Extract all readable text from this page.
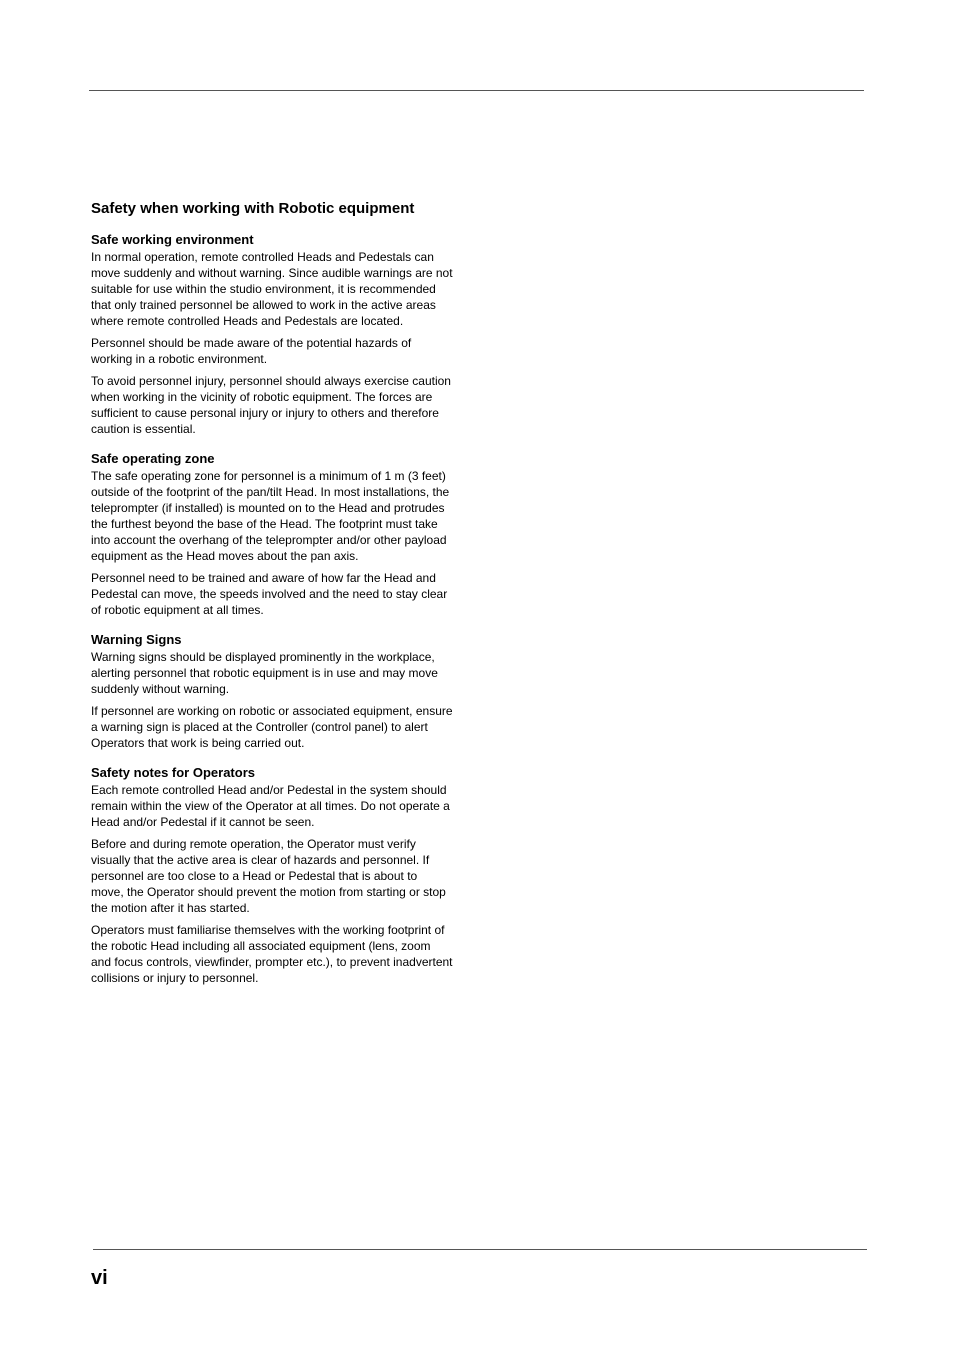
Safety when working with Robotic equipment
Safe working environment

In normal operation, remote controlled Heads and Pedestals can move suddenly and without warning. Since audible warnings are not suitable for use within the studio environment, it is recommended that only trained personnel be allowed to work in the active areas where remote controlled Heads and Pedestals are located.

Personnel should be made aware of the potential hazards of working in a robotic environment.

To avoid personnel injury, personnel should always exercise caution when working in the vicinity of robotic equipment. The forces are sufficient to cause personal injury or injury to others and therefore caution is essential.

Safe operating zone

The safe operating zone for personnel is a minimum of 1 m (3 feet) outside of the footprint of the pan/tilt Head. In most installations, the teleprompter (if installed) is mounted on to the Head and protrudes the furthest beyond the base of the Head. The footprint must take into account the overhang of the teleprompter and/or other payload equipment as the Head moves about the pan axis.

Personnel need to be trained and aware of how far the Head and Pedestal can move, the speeds involved and the need to stay clear of robotic equipment at all times.

Warning Signs

Warning signs should be displayed prominently in the workplace, alerting personnel that robotic equipment is in use and may move suddenly without warning.

If personnel are working on robotic or associated equipment, ensure a warning sign is placed at the Controller (control panel) to alert Operators that work is being carried out.

Safety notes for Operators

Each remote controlled Head and/or Pedestal in the system should remain within the view of the Operator at all times. Do not operate a Head and/or Pedestal if it cannot be seen.

Before and during remote operation, the Operator must verify visually that the active area is clear of hazards and personnel. If personnel are too close to a Head or Pedestal that is about to move, the Operator should prevent the motion from starting or stop the motion after it has started.

Operators must familiarise themselves with the working footprint of the robotic Head including all associated equipment (lens, zoom and focus controls, viewfinder, prompter etc.), to prevent inadvertent collisions or injury to personnel.

vi
